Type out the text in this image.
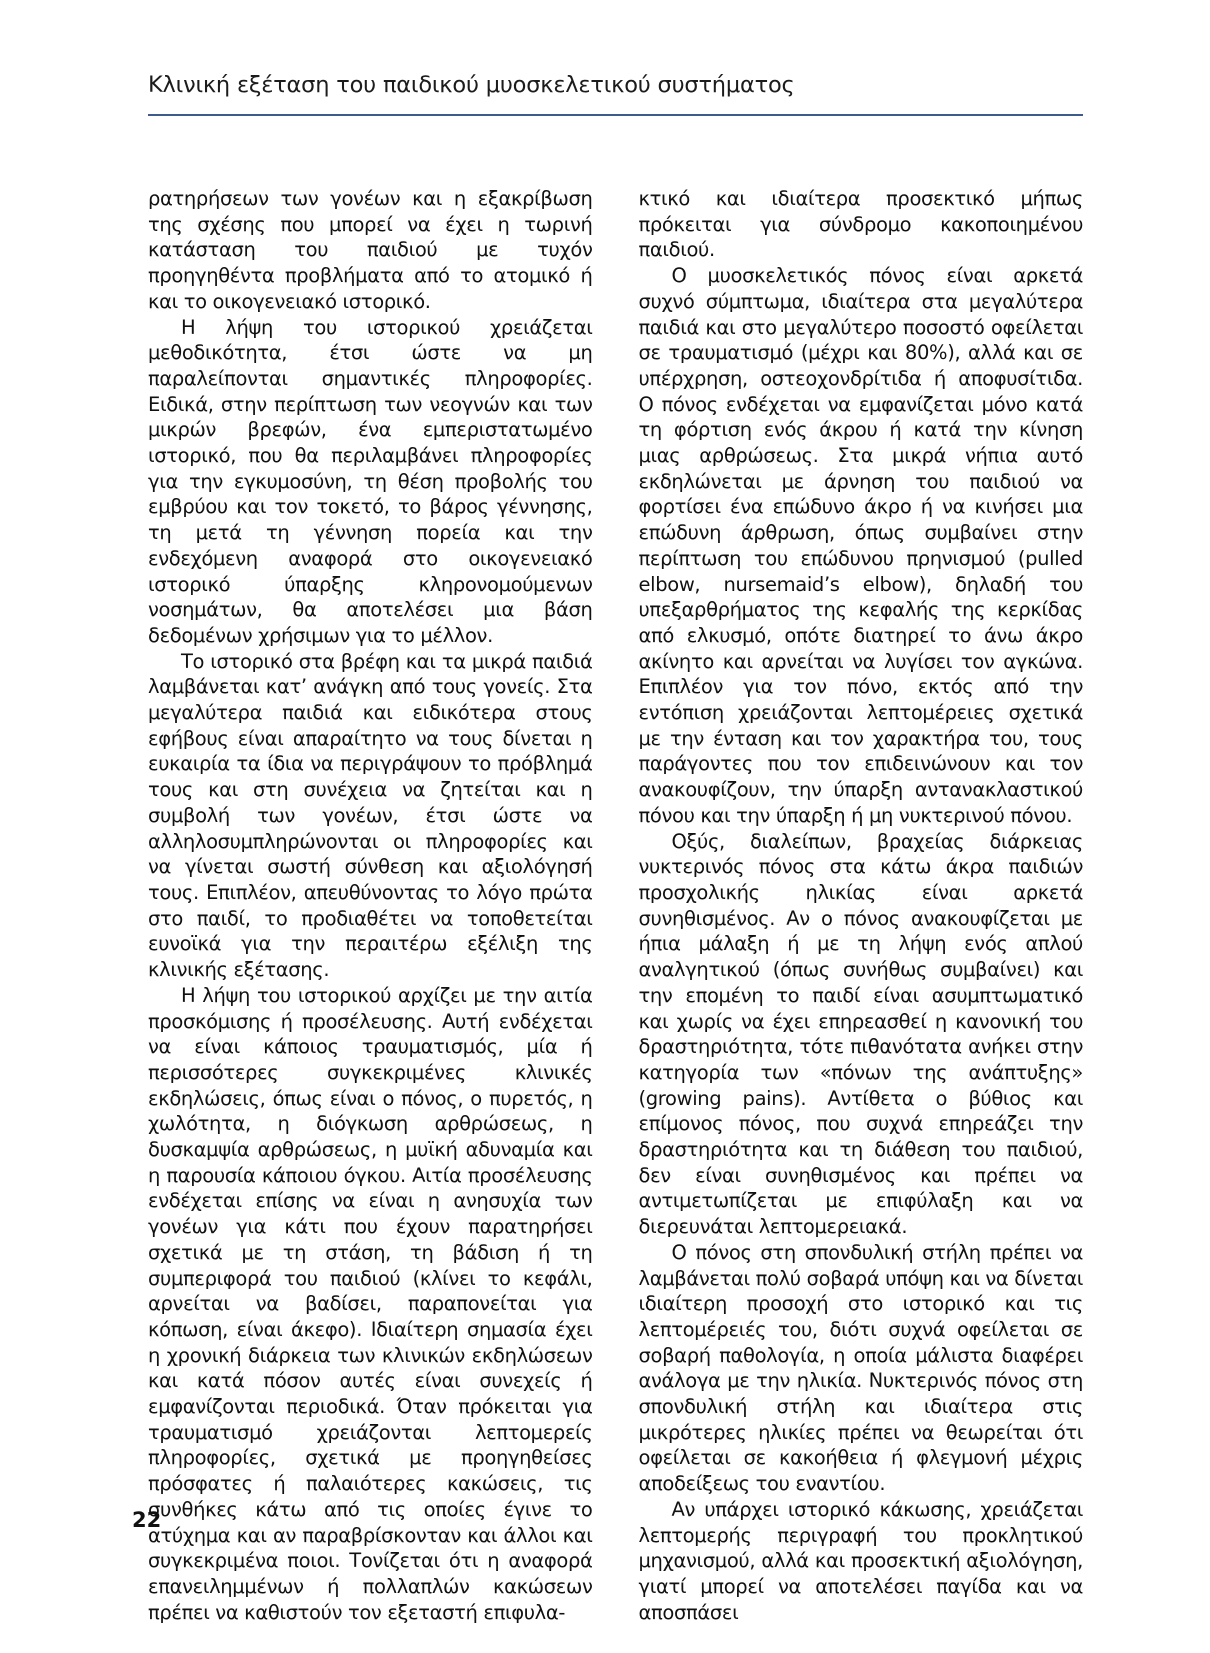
Κλινική εξέταση του παιδικού μυοσκελετικού συστήματος

ρατηρήσεων των γονέων και η εξακρίβωση της σχέσης που μπορεί να έχει η τωρινή κατάσταση του παιδιού με τυχόν προηγηθέντα προβλήματα από το ατομικό ή και το οικογενειακό ιστορικό.

Η λήψη του ιστορικού χρειάζεται μεθοδικότητα, έτσι ώστε να μη παραλείπονται σημαντικές πληροφορίες. Ειδικά, στην περίπτωση των νεογνών και των μικρών βρεφών, ένα εμπεριστατωμένο ιστορικό, που θα περιλαμβάνει πληροφορίες για την εγκυμοσύνη, τη θέση προβολής του εμβρύου και τον τοκετό, το βάρος γέννησης, τη μετά τη γέννηση πορεία και την ενδεχόμενη αναφορά στο οικογενειακό ιστορικό ύπαρξης κληρονομούμενων νοσημάτων, θα αποτελέσει μια βάση δεδομένων χρήσιμων για το μέλλον.

Το ιστορικό στα βρέφη και τα μικρά παιδιά λαμβάνεται κατ’ ανάγκη από τους γονείς. Στα μεγαλύτερα παιδιά και ειδικότερα στους εφήβους είναι απαραίτητο να τους δίνεται η ευκαιρία τα ίδια να περιγράψουν το πρόβλημά τους και στη συνέχεια να ζητείται και η συμβολή των γονέων, έτσι ώστε να αλληλοσυμπληρώνονται οι πληροφορίες και να γίνεται σωστή σύνθεση και αξιολόγησή τους. Επιπλέον, απευθύνοντας το λόγο πρώτα στο παιδί, το προδιαθέτει να τοποθετείται ευνοϊκά για την περαιτέρω εξέλιξη της κλινικής εξέτασης.

Η λήψη του ιστορικού αρχίζει με την αιτία προσκόμισης ή προσέλευσης. Αυτή ενδέχεται να είναι κάποιος τραυματισμός, μία ή περισσότερες συγκεκριμένες κλινικές εκδηλώσεις, όπως είναι ο πόνος, ο πυρετός, η χωλότητα, η διόγκωση αρθρώσεως, η δυσκαμψία αρθρώσεως, η μυϊκή αδυναμία και η παρουσία κάποιου όγκου. Αιτία προσέλευσης ενδέχεται επίσης να είναι η ανησυχία των γονέων για κάτι που έχουν παρατηρήσει σχετικά με τη στάση, τη βάδιση ή τη συμπεριφορά του παιδιού (κλίνει το κεφάλι, αρνείται να βαδίσει, παραπονείται για κόπωση, είναι άκεφο). Ιδιαίτερη σημασία έχει η χρονική διάρκεια των κλινικών εκδηλώσεων και κατά πόσον αυτές είναι συνεχείς ή εμφανίζονται περιοδικά. Όταν πρόκειται για τραυματισμό χρειάζονται λεπτομερείς πληροφορίες, σχετικά με προηγηθείσες πρόσφατες ή παλαιότερες κακώσεις, τις συνθήκες κάτω από τις οποίες έγινε το ατύχημα και αν παραβρίσκονταν και άλλοι και συγκεκριμένα ποιοι. Τονίζεται ότι η αναφορά επανειλημμένων ή πολλαπλών κακώσεων πρέπει να καθιστούν τον εξεταστή επιφυλα-

κτικό και ιδιαίτερα προσεκτικό μήπως πρόκειται για σύνδρομο κακοποιημένου παιδιού.

Ο μυοσκελετικός πόνος είναι αρκετά συχνό σύμπτωμα, ιδιαίτερα στα μεγαλύτερα παιδιά και στο μεγαλύτερο ποσοστό οφείλεται σε τραυματισμό (μέχρι και 80%), αλλά και σε υπέρχρηση, οστεοχονδρίτιδα ή αποφυσίτιδα. Ο πόνος ενδέχεται να εμφανίζεται μόνο κατά τη φόρτιση ενός άκρου ή κατά την κίνηση μιας αρθρώσεως. Στα μικρά νήπια αυτό εκδηλώνεται με άρνηση του παιδιού να φορτίσει ένα επώδυνο άκρο ή να κινήσει μια επώδυνη άρθρωση, όπως συμβαίνει στην περίπτωση του επώδυνου πρηνισμού (pulled elbow, nursemaid’s elbow), δηλαδή του υπεξαρθρήματος της κεφαλής της κερκίδας από ελκυσμό, οπότε διατηρεί το άνω άκρο ακίνητο και αρνείται να λυγίσει τον αγκώνα. Επιπλέον για τον πόνο, εκτός από την εντόπιση χρειάζονται λεπτομέρειες σχετικά με την ένταση και τον χαρακτήρα του, τους παράγοντες που τον επιδεινώνουν και τον ανακουφίζουν, την ύπαρξη αντανακλαστικού πόνου και την ύπαρξη ή μη νυκτερινού πόνου.

Οξύς, διαλείπων, βραχείας διάρκειας νυκτερινός πόνος στα κάτω άκρα παιδιών προσχολικής ηλικίας είναι αρκετά συνηθισμένος. Αν ο πόνος ανακουφίζεται με ήπια μάλαξη ή με τη λήψη ενός απλού αναλγητικού (όπως συνήθως συμβαίνει) και την επομένη το παιδί είναι ασυμπτωματικό και χωρίς να έχει επηρεασθεί η κανονική του δραστηριότητα, τότε πιθανότατα ανήκει στην κατηγορία των «πόνων της ανάπτυξης» (growing pains). Αντίθετα ο βύθιος και επίμονος πόνος, που συχνά επηρεάζει την δραστηριότητα και τη διάθεση του παιδιού, δεν είναι συνηθισμένος και πρέπει να αντιμετωπίζεται με επιφύλαξη και να διερευνάται λεπτομερειακά.

Ο πόνος στη σπονδυλική στήλη πρέπει να λαμβάνεται πολύ σοβαρά υπόψη και να δίνεται ιδιαίτερη προσοχή στο ιστορικό και τις λεπτομέρειές του, διότι συχνά οφείλεται σε σοβαρή παθολογία, η οποία μάλιστα διαφέρει ανάλογα με την ηλικία. Νυκτερινός πόνος στη σπονδυλική στήλη και ιδιαίτερα στις μικρότερες ηλικίες πρέπει να θεωρείται ότι οφείλεται σε κακοήθεια ή φλεγμονή μέχρις αποδείξεως του εναντίου.

Αν υπάρχει ιστορικό κάκωσης, χρειάζεται λεπτομερής περιγραφή του προκλητικού μηχανισμού, αλλά και προσεκτική αξιολόγηση, γιατί μπορεί να αποτελέσει παγίδα και να αποσπάσει

22
